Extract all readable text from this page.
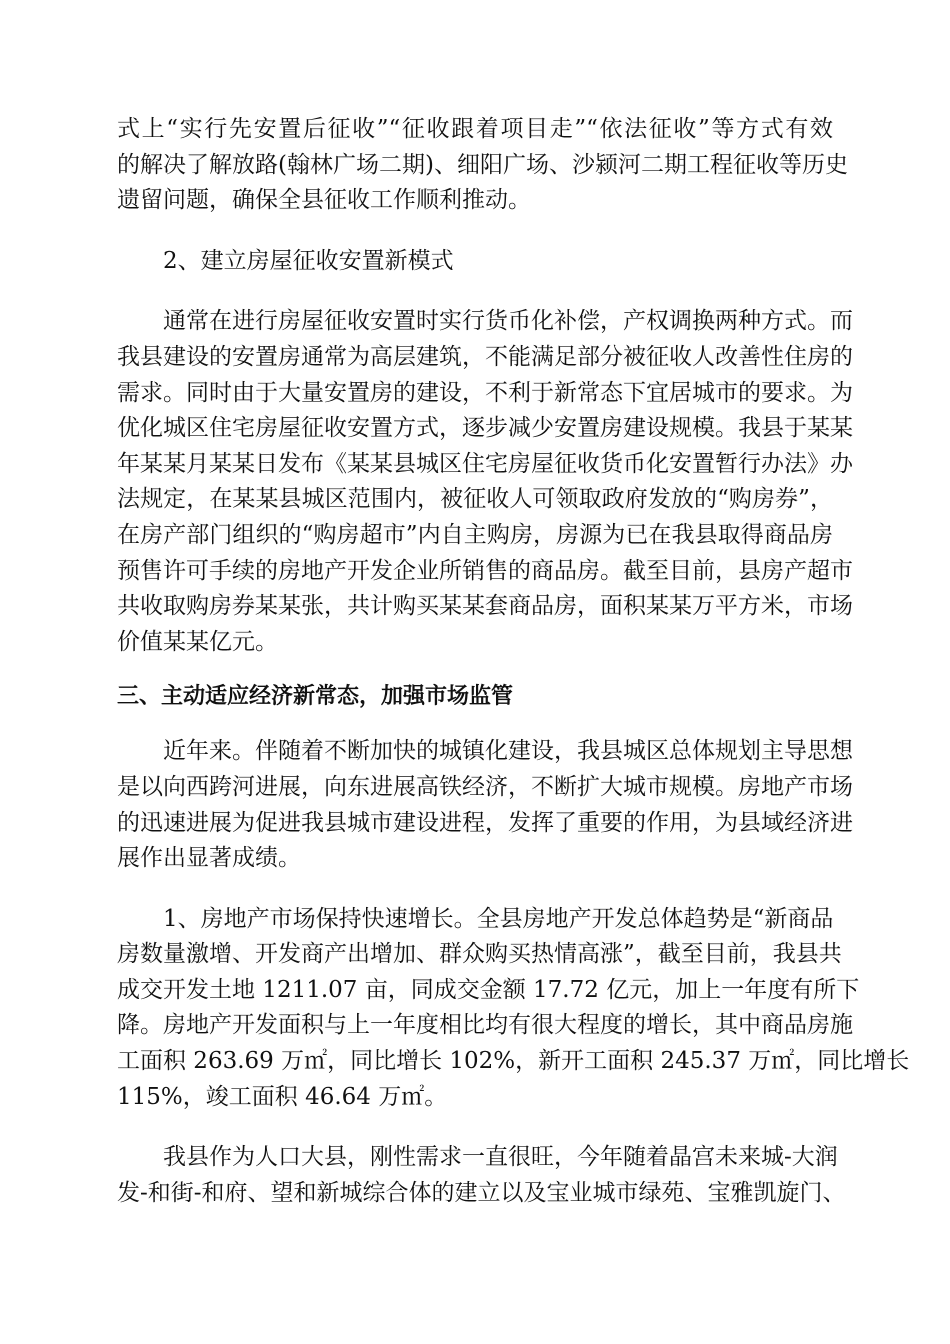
式上“实行先安置后征收”“征收跟着项目走”“依法征收”等方式有效
的解决了解放路(翰林广场二期)、细阳广场、沙颍河二期工程征收等历史
遗留问题，确保全县征收工作顺利推动。

2、建立房屋征收安置新模式

通常在进行房屋征收安置时实行货币化补偿，产权调换两种方式。而
我县建设的安置房通常为高层建筑，不能满足部分被征收人改善性住房的
需求。同时由于大量安置房的建设，不利于新常态下宜居城市的要求。为
优化城区住宅房屋征收安置方式，逐步减少安置房建设规模。我县于某某
年某某月某某日发布《某某县城区住宅房屋征收货币化安置暂行办法》办
法规定，在某某县城区范围内，被征收人可领取政府发放的“购房券”，
在房产部门组织的“购房超市”内自主购房，房源为已在我县取得商品房
预售许可手续的房地产开发企业所销售的商品房。截至目前，县房产超市
共收取购房券某某张，共计购买某某套商品房，面积某某万平方米，市场
价值某某亿元。

三、主动适应经济新常态，加强市场监管

近年来。伴随着不断加快的城镇化建设，我县城区总体规划主导思想
是以向西跨河进展，向东进展高铁经济，不断扩大城市规模。房地产市场
的迅速进展为促进我县城市建设进程，发挥了重要的作用，为县域经济进
展作出显著成绩。

1、房地产市场保持快速增长。全县房地产开发总体趋势是“新商品
房数量激增、开发商产出增加、群众购买热情高涨”，截至目前，我县共
成交开发土地 1211.07 亩，同成交金额 17.72 亿元，加上一年度有所下
降。房地产开发面积与上一年度相比均有很大程度的增长，其中商品房施
工面积 263.69 万㎡，同比增长 102%，新开工面积 245.37 万㎡，同比增长
115%，竣工面积 46.64 万㎡。

我县作为人口大县，刚性需求一直很旺，今年随着晶宫未来城-大润
发-和街-和府、望和新城综合体的建立以及宝业城市绿苑、宝雅凯旋门、
